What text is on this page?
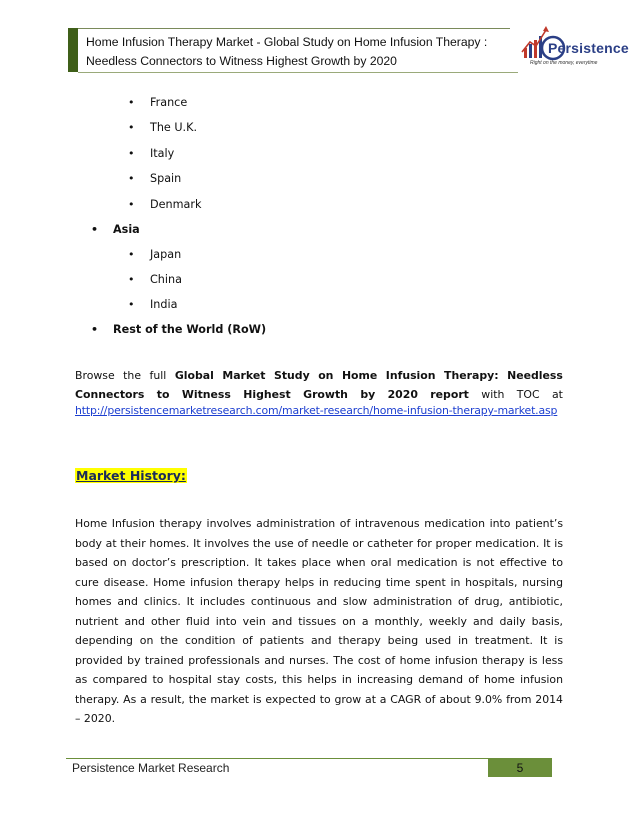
Home Infusion Therapy Market - Global Study on Home Infusion Therapy :
Needless Connectors to Witness Highest Growth by 2020
Persistence
Right on the money, everytime
• France
• The U.K.
• Italy
• Spain
• Denmark
• Asia
• Japan
• China
• India
• Rest of the World (RoW)
Browse the full Global Market Study on Home Infusion Therapy: Needless
Connectors to Witness Highest Growth by 2020 report with TOC at
http://persistencemarketresearch.com/market-research/home-infusion-therapy-market.asp
Market History:
Home Infusion therapy involves administration of intravenous medication into patient’s body at their homes. It involves the use of needle or catheter for proper medication. It is based on doctor’s prescription. It takes place when oral medication is not effective to cure disease. Home infusion therapy helps in reducing time spent in hospitals, nursing homes and clinics. It includes continuous and slow administration of drug, antibiotic, nutrient and other fluid into vein and tissues on a monthly, weekly and daily basis, depending on the condition of patients and therapy being used in treatment. It is provided by trained professionals and nurses. The cost of home infusion therapy is less as compared to hospital stay costs, this helps in increasing demand of home infusion therapy. As a result, the market is expected to grow at a CAGR of about 9.0% from 2014 – 2020.
Persistence Market Research	5
